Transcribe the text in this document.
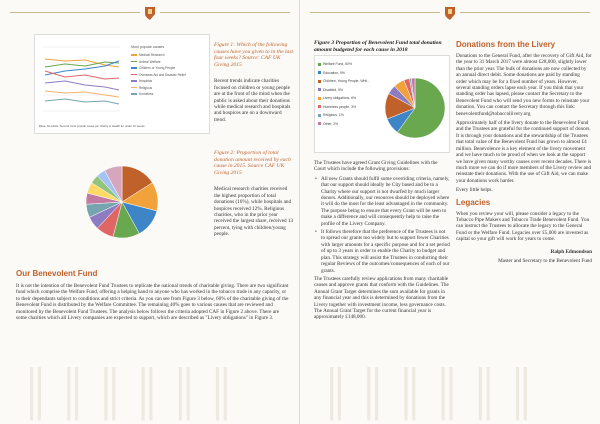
Most popular causes
Medical Research
Animal Welfare
Children or Young People
Overseas Aid and Disaster Relief
Hospitals
Religious
Homeless
Base: All adults. Second most popular cause per charity in Health for under 16 weeks.
Figure 1: Which of the following causes have you given to in the last four weeks? Source: CAF UK Giving 2015
Recent trends indicate charities focused on children or young people are at the front of the mind when the public is asked about their donations while medical research and hospitals and hospices are on a downward trend.
Figure 2: Proportion of total donation amount received by each cause in 2015. Source CAF UK Giving 2015
Medical research charities received the highest proportion of total donations (16%), while hospitals and hospices received 12%. Religious charities, who in the prior year received the largest share, received 13 percent, tying with children/young people.
Our Benevolent Fund
It is not the intention of the Benevolent Fund Trustees to replicate the national trends of charitable giving. There are two significant fund which comprise the Welfare Fund, offering a helping hand to anyone who has worked in the tobacco trade in any capacity, or to their dependants subject to conditions and strict criteria. As you can see from Figure 3 below, 60% of the charitable giving of the Benevolent Fund is distributed by the Welfare Committee. The remaining 40% goes to various causes that are reviewed and monitored by the Benevolent Fund Trustees. The analysis below follows the criteria adopted CAF in Figure 2 above. There are some charities which all Livery companies are expected to support, which are described as "Livery obligations" in Figure 3.
║║║║║║
Figure 3 Proportion of Benevolent Fund total donation amount budgeted for each cause in 2018
Welfare Fund, 60%
Education, 9%
Children, Young People, Whit...
Disabled, 5%
Livery obligations, 6%
Homeless people, 3%
Religious, 1%
Other, 2%

The Trustees have agreed Grant Giving Guidelines with the Court which include the following provisions:

• All new Grants should fulfil some overriding criteria, namely, that our support should ideally be City based and be to a Charity where our support is not dwarfed by much larger donors. Additionally, our resources should be deployed where it will do the most for the least advantaged in the community. The purpose being to ensure that every Grant will be seen to make a difference and will consequently help to raise the profile of the Livery Company.
• It follows therefore that the preference of the Trustees is not to spread our grants too widely but to support fewer Charities with larger amounts for a specific purpose and for a set period of up to 3 years in order to enable the Charity to budget and plan. This strategy will assist the Trustees in conducting their regular Reviews of the outcomes/consequences of each of our grants.

The Trustees carefully review applications from many charitable causes and approve grants that conform with the Guidelines. The Annual Grant Target determines the sum available for grants in any financial year and this is determined by donations from the Livery together with investment income, less governance costs. The Annual Grant Target for the current financial year is approximately £148,000.

Donations from the Livery

Donations to the General Fund, after the recovery of Gift Aid, for the year to 31 March 2017 were almost £28,000, slightly lower than the prior year. The bulk of donations are now collected by an annual direct debit. Some donations are paid by standing order which may be for a fixed number of years. However, several standing orders lapse each year. If you think that your standing order has lapsed, please contact the Secretary to the Benevolent Fund who will send you new forms to reinstate your donation. You can contact the Secretary through this link: benevolentfund@tobaccoliivery.org

Approximately half of the livery donate to the Benevolent Fund and the Trustees are grateful for the continued support of donors. It is through your donations and the stewardship of the Trustees that total value of the Benevolent Fund has grown to almost £4 million. Benevolence is a key element of the livery movement and we have much to be proud of when we look at the support we have given many worthy causes over recent decades. There is much more we can do if more members of the Livery review and reinstate their donations. With the use of Gift Aid, we can make your donations work harder.

Every little helps.

Legacies

When you review your will, please consider a legacy to the Tobacco Pipe Makers and Tobacco Trade Benevolent Fund. You can instruct the Trustees to allocate the legacy to the General Fund or the Welfare Fund. Legacies over £5,000 are invested as capital so your gift will work for years to come.

Ralph Edmondson

Master and Secretary to the Benevolent Fund

║║║║║║
